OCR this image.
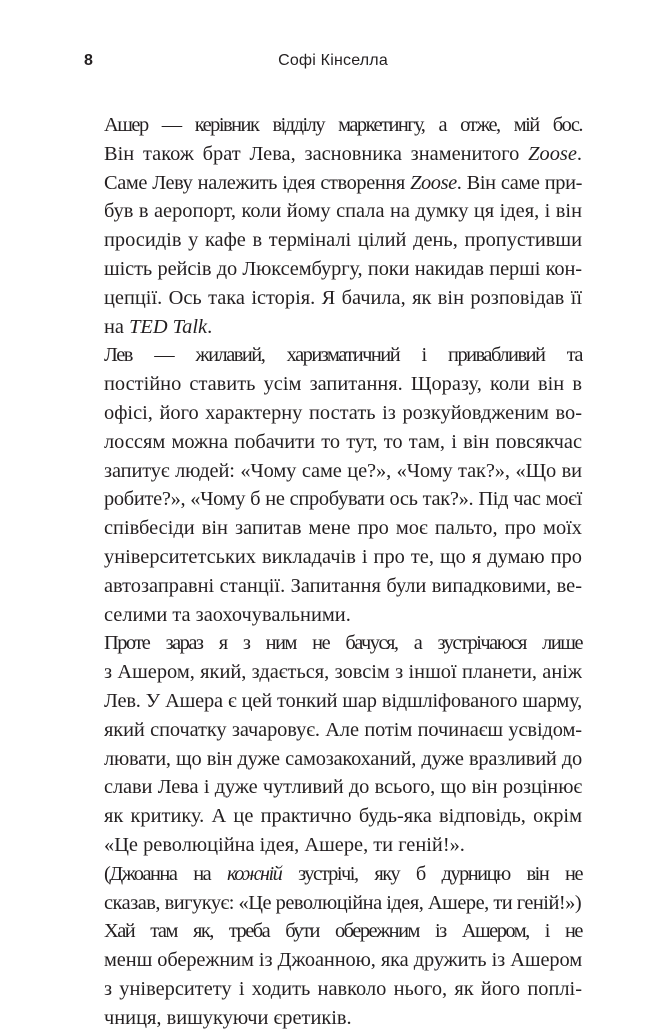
8	Софі Кінселла

Ашер — керівник відділу маркетингу, а отже, мій бос.
Він також брат Лева, засновника знаменитого Zoose.
Саме Леву належить ідея створення Zoose. Він саме при-
був в аеропорт, коли йому спала на думку ця ідея, і він
просидів у кафе в терміналі цілий день, пропустивши
шість рейсів до Люксембургу, поки накидав перші кон-
цепції. Ось така історія. Я бачила, як він розповідав її
на TED Talk.

Лев — жилавий, харизматичний і привабливий та
постійно ставить усім запитання. Щоразу, коли він в
офісі, його характерну постать із розкуйовдженим во-
лоссям можна побачити то тут, то там, і він повсякчас
запитує людей: «Чому саме це?», «Чому так?», «Що ви
робите?», «Чому б не спробувати ось так?». Під час моєї
співбесіди він запитав мене про моє пальто, про моїх
університетських викладачів і про те, що я думаю про
автозаправні станції. Запитання були випадковими, ве-
селими та заохочувальними.

Проте зараз я з ним не бачуся, а зустрічаюся лише
з Ашером, який, здається, зовсім з іншої планети, аніж
Лев. У Ашера є цей тонкий шар відшліфованого шарму,
який спочатку зачаровує. Але потім починаєш усвідом-
лювати, що він дуже самозакоханий, дуже вразливий до
слави Лева і дуже чутливий до всього, що він розцінює
як критику. А це практично будь-яка відповідь, окрім
«Це революційна ідея, Ашере, ти геній!».

(Джоанна на кожній зустрічі, яку б дурницю він не
сказав, вигукує: «Це революційна ідея, Ашере, ти геній!»)

Хай там як, треба бути обережним із Ашером, і не
менш обережним із Джоанною, яка дружить із Ашером
з університету і ходить навколо нього, як його поплі-
чниця, вишукуючи єретиків.
